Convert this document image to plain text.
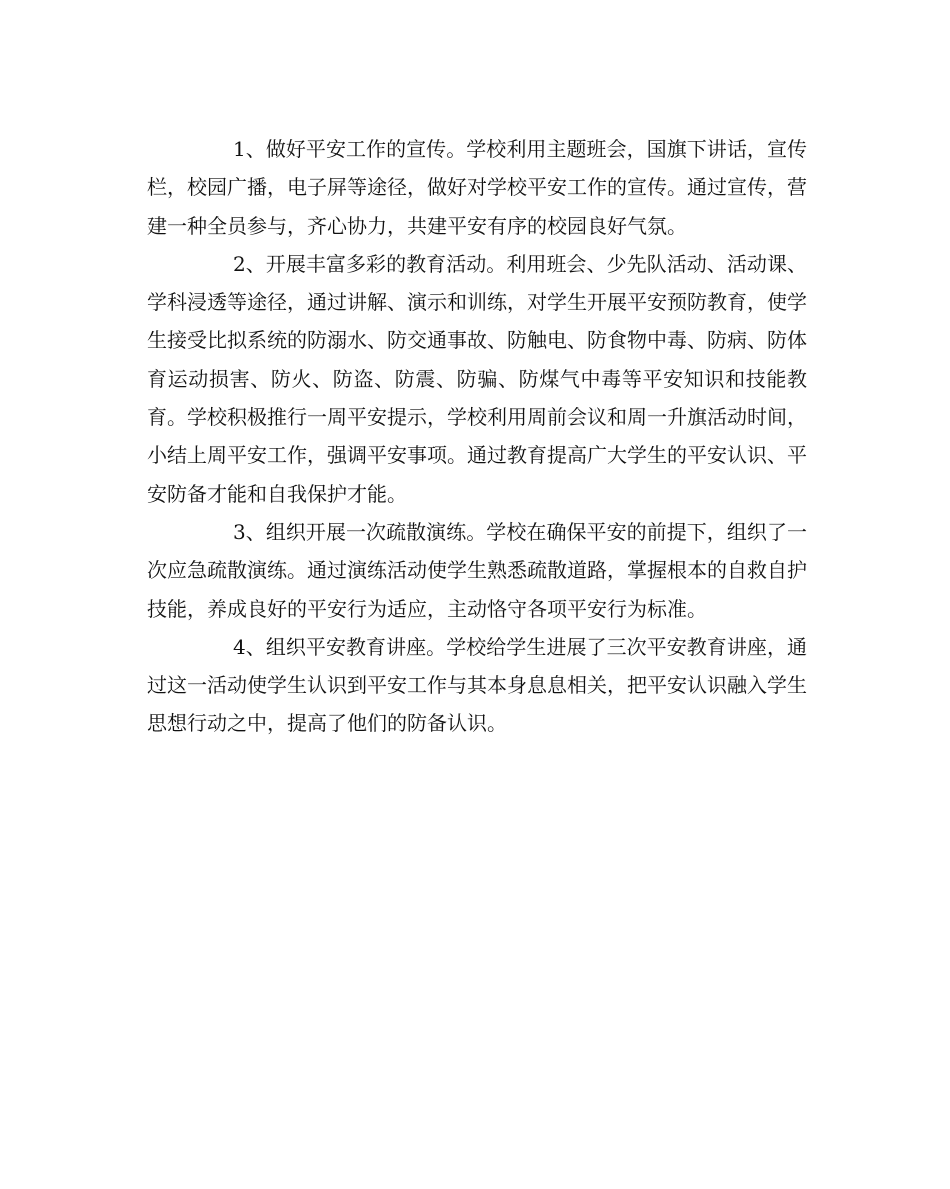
1、做好平安工作的宣传。学校利用主题班会，国旗下讲话，宣传栏，校园广播，电子屏等途径，做好对学校平安工作的宣传。通过宣传，营建一种全员参与，齐心协力，共建平安有序的校园良好气氛。

2、开展丰富多彩的教育活动。利用班会、少先队活动、活动课、学科浸透等途径，通过讲解、演示和训练，对学生开展平安预防教育，使学生接受比拟系统的防溺水、防交通事故、防触电、防食物中毒、防病、防体育运动损害、防火、防盗、防震、防骗、防煤气中毒等平安知识和技能教育。学校积极推行一周平安提示，学校利用周前会议和周一升旗活动时间，小结上周平安工作，强调平安事项。通过教育提高广大学生的平安认识、平安防备才能和自我保护才能。

3、组织开展一次疏散演练。学校在确保平安的前提下，组织了一次应急疏散演练。通过演练活动使学生熟悉疏散道路，掌握根本的自救自护技能，养成良好的平安行为适应，主动恪守各项平安行为标准。

4、组织平安教育讲座。学校给学生进展了三次平安教育讲座，通过这一活动使学生认识到平安工作与其本身息息相关，把平安认识融入学生思想行动之中，提高了他们的防备认识。
